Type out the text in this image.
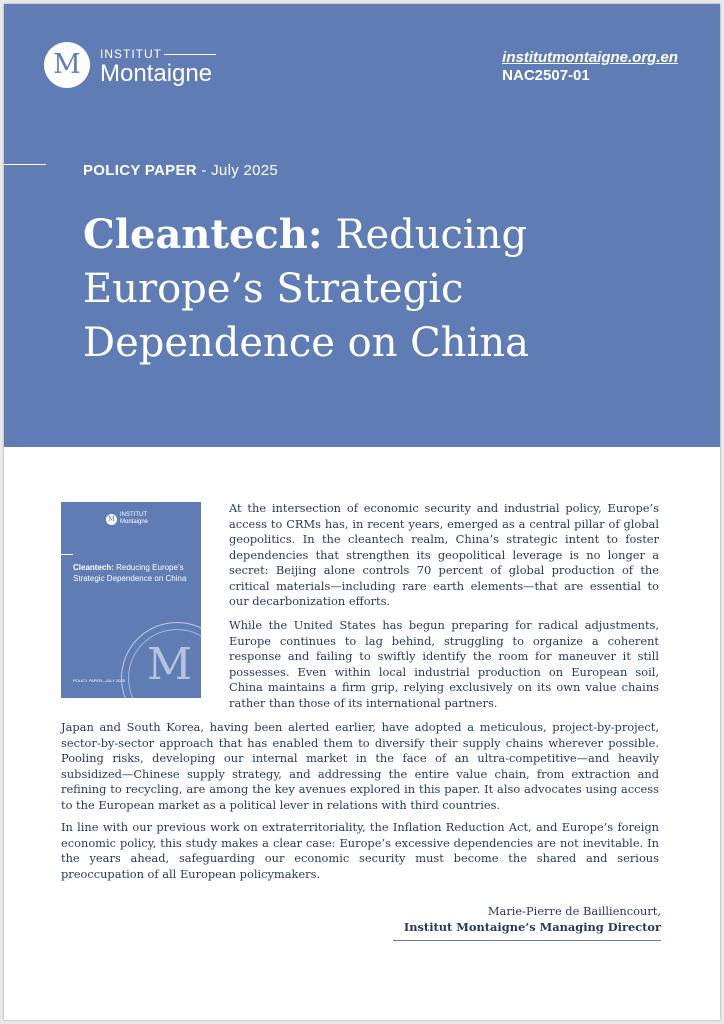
M	INSTITUT
Montaigne
institutmontaigne.org.en
NAC2507-01
POLICY PAPER - July 2025
Cleantech: Reducing Europe’s Strategic Dependence on China
M INSTITUT
Montaigne
Cleantech: Reducing Europe’s Strategic Dependence on China
M
POLICY PAPER - JULY 2025

At the intersection of economic security and industrial policy, Europe’s access to CRMs has, in recent years, emerged as a central pillar of global geopolitics. In the cleantech realm, China’s strategic intent to foster dependencies that strengthen its geopolitical leverage is no longer a secret: Beijing alone controls 70 percent of global production of the critical materials—including rare earth elements—that are essential to our decarbonization efforts.

While the United States has begun preparing for radical adjustments, Europe continues to lag behind, struggling to organize a coherent response and failing to swiftly identify the room for maneuver it still possesses. Even within local industrial production on European soil, China maintains a firm grip, relying exclusively on its own value chains rather than those of its international partners.

Japan and South Korea, having been alerted earlier, have adopted a meticulous, project-by-project, sector-by-sector approach that has enabled them to diversify their supply chains wherever possible. Pooling risks, developing our internal market in the face of an ultra-competitive—and heavily subsidized—Chinese supply strategy, and addressing the entire value chain, from extraction and refining to recycling, are among the key avenues explored in this paper. It also advocates using access to the European market as a political lever in relations with third countries.

In line with our previous work on extraterritoriality, the Inflation Reduction Act, and Europe’s foreign economic policy, this study makes a clear case: Europe’s excessive dependencies are not inevitable. In the years ahead, safeguarding our economic security must become the shared and serious preoccupation of all European policymakers.

Marie-Pierre de Bailliencourt,
Institut Montaigne’s Managing Director
